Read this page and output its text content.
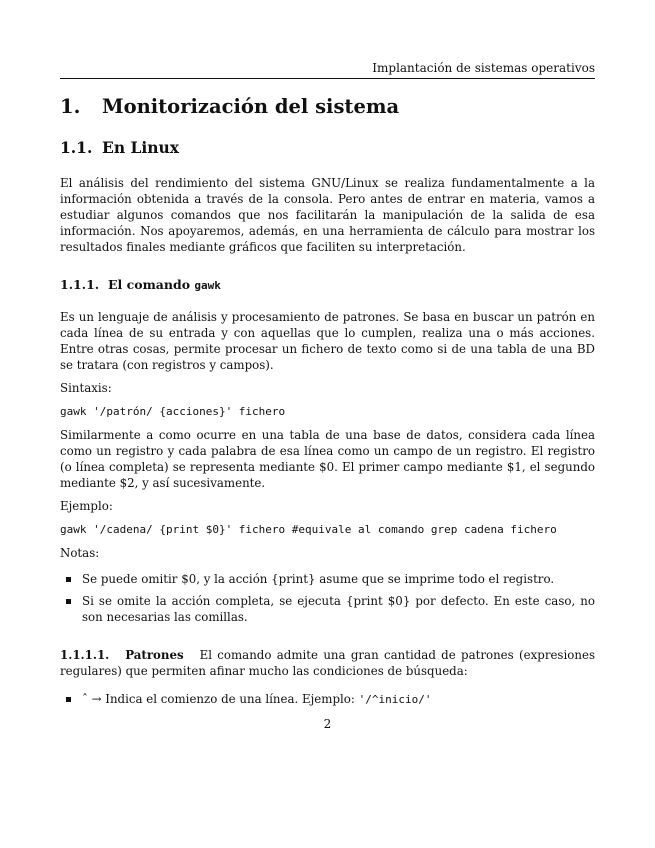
Implantación de sistemas operativos
1. Monitorización del sistema
1.1. En Linux

El análisis del rendimiento del sistema GNU/Linux se realiza fundamentalmente a la información obtenida a través de la consola. Pero antes de entrar en materia, vamos a estudiar algunos comandos que nos facilitarán la manipulación de la salida de esa información. Nos apoyaremos, además, en una herramienta de cálculo para mostrar los resultados finales mediante gráficos que faciliten su interpretación.

1.1.1. El comando gawk

Es un lenguaje de análisis y procesamiento de patrones. Se basa en buscar un patrón en cada línea de su entrada y con aquellas que lo cumplen, realiza una o más acciones. Entre otras cosas, permite procesar un fichero de texto como si de una tabla de una BD se tratara (con registros y campos).

Sintaxis:

gawk '/patrón/ {acciones}' fichero

Similarmente a como ocurre en una tabla de una base de datos, considera cada línea como un registro y cada palabra de esa línea como un campo de un registro. El registro (o línea completa) se representa mediante $0. El primer campo mediante $1, el segundo mediante $2, y así sucesivamente.

Ejemplo:

gawk '/cadena/ {print $0}' fichero #equivale al comando grep cadena fichero

Notas:

Se puede omitir $0, y la acción {print} asume que se imprime todo el registro.
Si se omite la acción completa, se ejecuta {print $0} por defecto. En este caso, no son necesarias las comillas.

1.1.1.1. Patrones El comando admite una gran cantidad de patrones (expresiones regulares) que permiten afinar mucho las condiciones de búsqueda:

ˆ → Indica el comienzo de una línea. Ejemplo: '/^inicio/'
2
